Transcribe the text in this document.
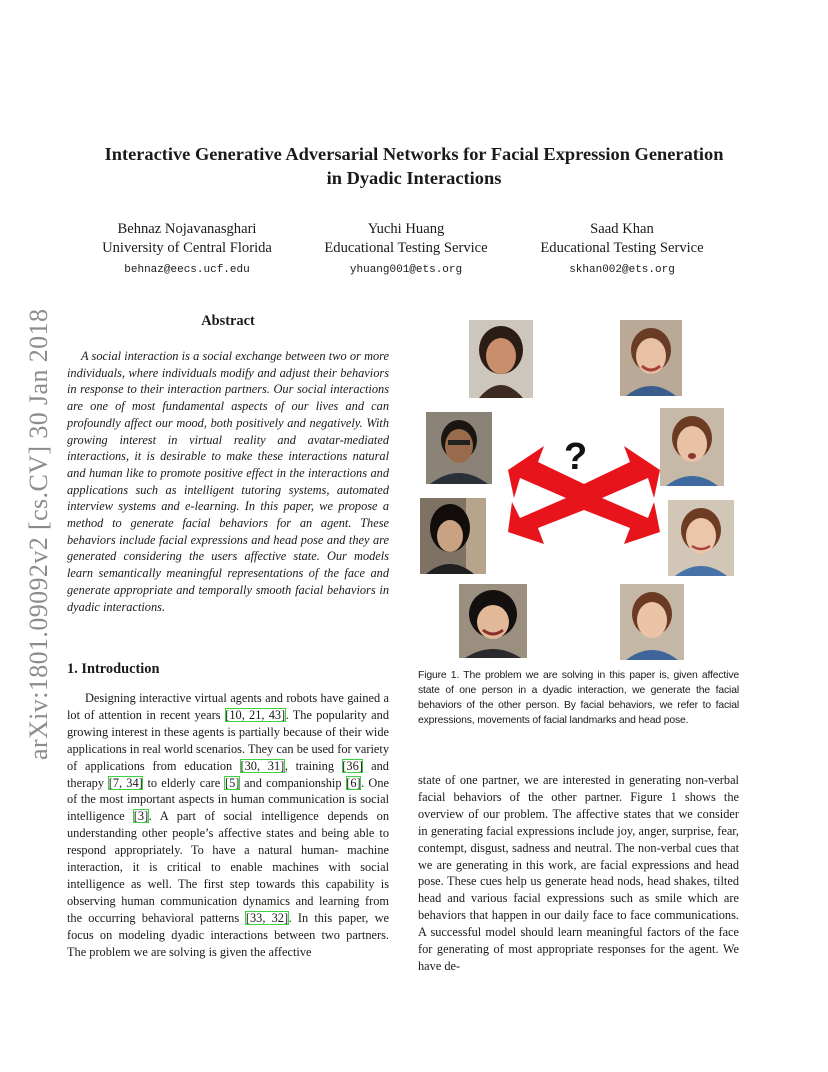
Interactive Generative Adversarial Networks for Facial Expression Generation
in Dyadic Interactions
Behnaz Nojavanasghari
University of Central Florida
behnaz@eecs.ucf.edu
Yuchi Huang
Educational Testing Service
yhuang001@ets.org
Saad Khan
Educational Testing Service
skhan002@ets.org
arXiv:1801.09092v2 [cs.CV] 30 Jan 2018	Abstract
A social interaction is a social exchange between two or more individuals, where individuals modify and adjust their behaviors in response to their interaction partners. Our social interactions are one of most fundamental aspects of our lives and can profoundly affect our mood, both positively and negatively. With growing interest in virtual reality and avatar-mediated interactions, it is desirable to make these interactions natural and human like to promote positive effect in the interactions and applications such as intelligent tutoring systems, automated interview systems and e-learning. In this paper, we propose a method to generate facial behaviors for an agent. These behaviors include facial expressions and head pose and they are generated considering the users affective state. Our models learn semantically meaningful representations of the face and generate appropriate and temporally smooth facial behaviors in dyadic interactions.
1. Introduction
Designing interactive virtual agents and robots have gained a lot of attention in recent years [10, 21, 43]. The popularity and growing interest in these agents is partially because of their wide applications in real world scenarios. They can be used for variety of applications from education [30, 31], training [36] and therapy [7, 34] to elderly care [5] and companionship [6]. One of the most important aspects in human communication is social intelligence [3]. A part of social intelligence depends on understanding other people’s affective states and being able to respond appropriately. To have a natural human- machine interaction, it is critical to enable machines with social intelligence as well. The first step towards this capability is observing human communication dynamics and learning from the occurring behavioral patterns [33, 32]. In this paper, we focus on modeling dyadic interactions between two partners. The problem we are solving is given the affective
?
Figure 1. The problem we are solving in this paper is, given affective state of one person in a dyadic interaction, we generate the facial behaviors of the other person. By facial behaviors, we refer to facial expressions, movements of facial landmarks and head pose.
state of one partner, we are interested in generating non-verbal facial behaviors of the other partner. Figure 1 shows the overview of our problem. The affective states that we consider in generating facial expressions include joy, anger, surprise, fear, contempt, disgust, sadness and neutral. The non-verbal cues that we are generating in this work, are facial expressions and head pose. These cues help us generate head nods, head shakes, tilted head and various facial expressions such as smile which are behaviors that happen in our daily face to face communications. A successful model should learn meaningful factors of the face for generating of most appropriate responses for the agent. We have de-
